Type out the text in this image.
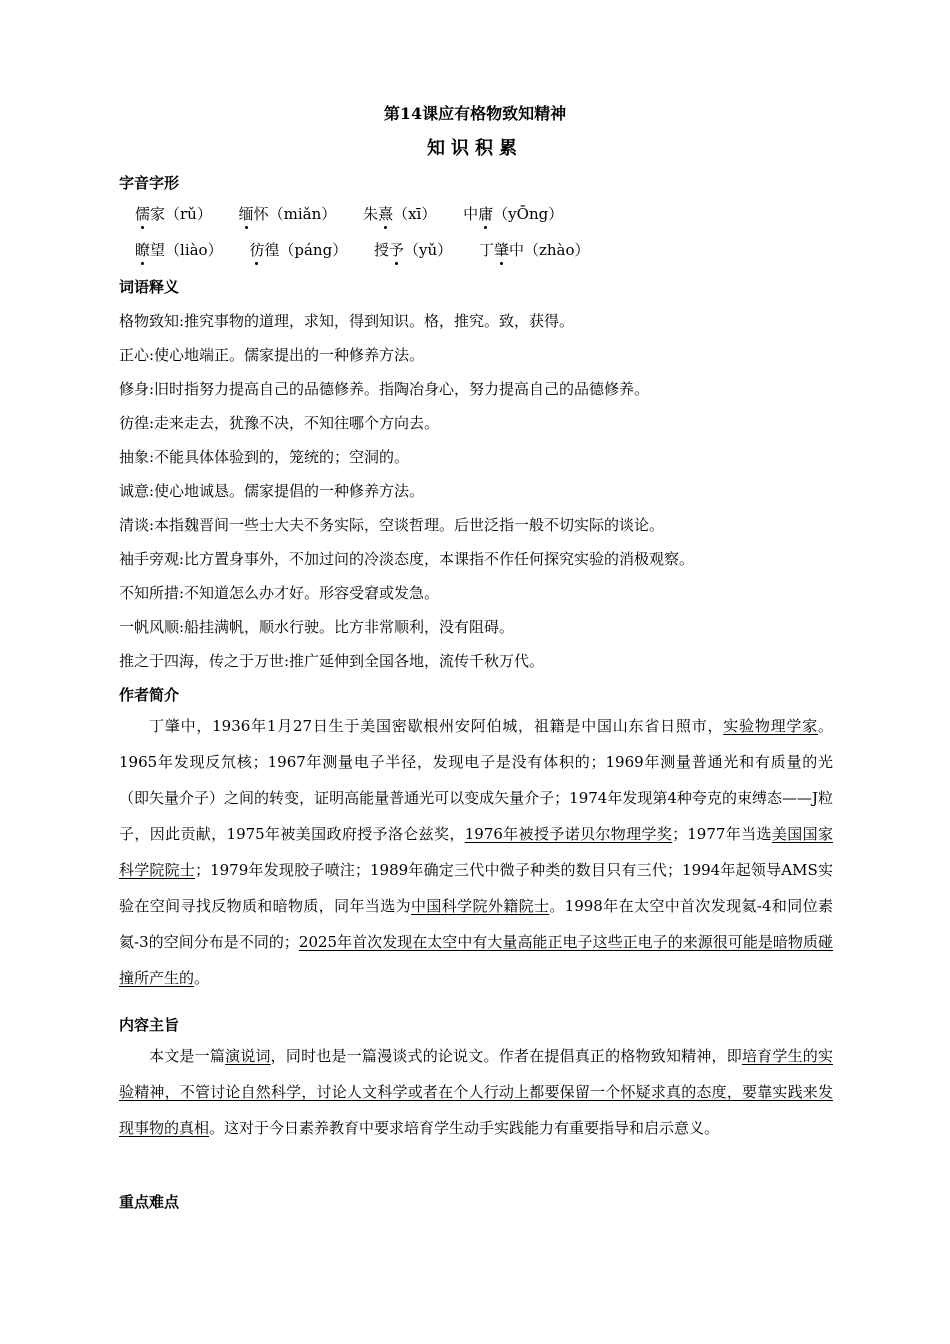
第14课应有格物致知精神
知识积累
字音字形
儒家（rǔ） 缅怀（miǎn） 朱熹（xī） 中庸（yŌng）
瞭望（liào） 彷徨（páng） 授予（yǔ） 丁肇中（zhào）
词语释义
格物致知:推究事物的道理，求知，得到知识。格，推究。致，获得。
正心:使心地端正。儒家提出的一种修养方法。
修身:旧时指努力提高自己的品德修养。指陶冶身心，努力提高自己的品德修养。
彷徨:走来走去，犹豫不决，不知往哪个方向去。
抽象:不能具体体验到的，笼统的；空洞的。
诚意:使心地诚恳。儒家提倡的一种修养方法。
清谈:本指魏晋间一些士大夫不务实际，空谈哲理。后世泛指一般不切实际的谈论。
袖手旁观:比方置身事外，不加过问的冷淡态度，本课指不作任何探究实验的消极观察。
不知所措:不知道怎么办才好。形容受窘或发急。
一帆风顺:船挂满帆，顺水行驶。比方非常顺利，没有阻碍。
推之于四海，传之于万世:推广延伸到全国各地，流传千秋万代。
作者简介
丁肇中，1936年1月27日生于美国密歇根州安阿伯城，祖籍是中国山东省日照市，实验物理学家。1965年发现反氘核；1967年测量电子半径，发现电子是没有体积的；1969年测量普通光和有质量的光（即矢量介子）之间的转变，证明高能量普通光可以变成矢量介子；1974年发现第4种夸克的束缚态——J粒子，因此贡献，1975年被美国政府授予洛仑兹奖，1976年被授予诺贝尔物理学奖；1977年当选美国国家科学院院士；1979年发现胶子喷注；1989年确定三代中微子种类的数目只有三代；1994年起领导AMS实验在空间寻找反物质和暗物质，同年当选为中国科学院外籍院士。1998年在太空中首次发现氦-4和同位素氦-3的空间分布是不同的；2025年首次发现在太空中有大量高能正电子这些正电子的来源很可能是暗物质碰撞所产生的。
内容主旨
本文是一篇演说词，同时也是一篇漫谈式的论说文。作者在提倡真正的格物致知精神，即培育学生的实验精神，不管讨论自然科学，讨论人文科学或者在个人行动上都要保留一个怀疑求真的态度，要靠实践来发现事物的真相。这对于今日素养教育中要求培育学生动手实践能力有重要指导和启示意义。
重点难点
